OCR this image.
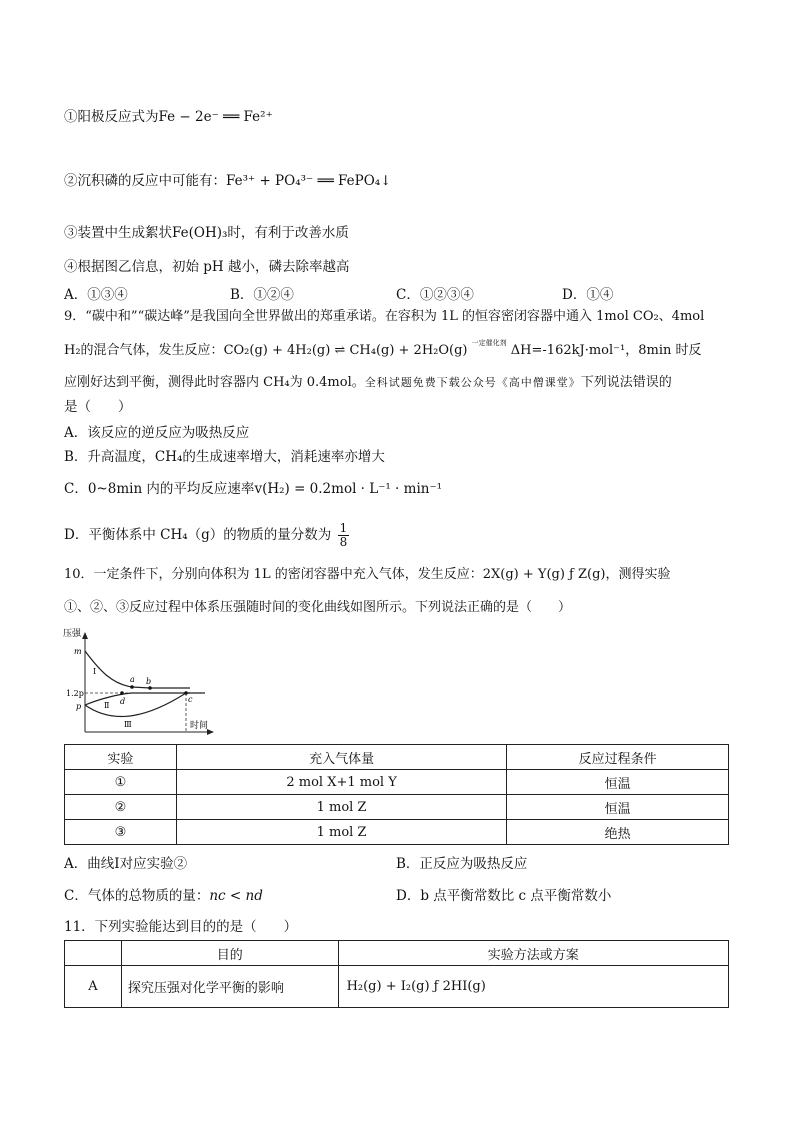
①阳极反应式为Fe − 2e⁻ ══ Fe²⁺
②沉积磷的反应中可能有：Fe³⁺ + PO₄³⁻ ══ FePO₄↓
③装置中生成絮状Fe(OH)₃时，有利于改善水质
④根据图乙信息，初始 pH 越小，磷去除率越高
A．①③④	B．①②④	C．①②③④	D．①④
9．“碳中和”“碳达峰”是我国向全世界做出的郑重承诺。在容积为 1L 的恒容密闭容器中通入 1mol CO₂、4mol
H₂的混合气体，发生反应：CO₂(g) + 4H₂(g) ⇌ CH₄(g) + 2H₂O(g) $^{一定催化剂}$ ΔH=-162kJ·mol⁻¹，8min 时反
应刚好达到平衡，测得此时容器内 CH₄为 0.4mol。全科试题免费下载公众号《高中僧课堂》下列说法错误的
是（　　）
A．该反应的逆反应为吸热反应
B．升高温度，CH₄的生成速率增大，消耗速率亦增大
C．0~8min 内的平均反应速率v(H₂) = 0.2mol · L⁻¹ · min⁻¹
D．平衡体系中 CH₄（g）的物质的量分数为 $\frac{1}{8}$
10．一定条件下，分别向体积为 1L 的密闭容器中充入气体，发生反应：2X(g) + Y(g) ƒ Z(g)，测得实验
①、②、③反应过程中体系压强随时间的变化曲线如图所示。下列说法正确的是（　　）
压强
时间
m
1.2p
p
Ⅰ
Ⅱ
Ⅲ
a b
c
d
实验	充入气体量	反应过程条件
①	2 mol X+1 mol Y	恒温
②	1 mol Z	恒温
③	1 mol Z	绝热
A．曲线Ⅰ对应实验②	B．正反应为吸热反应
C．气体的总物质的量：nc < nd	D．b 点平衡常数比 c 点平衡常数小
11．下列实验能达到目的的是（　　）
	目的	实验方法或方案
A	探究压强对化学平衡的影响	H₂(g) + I₂(g) ƒ 2HI(g)
